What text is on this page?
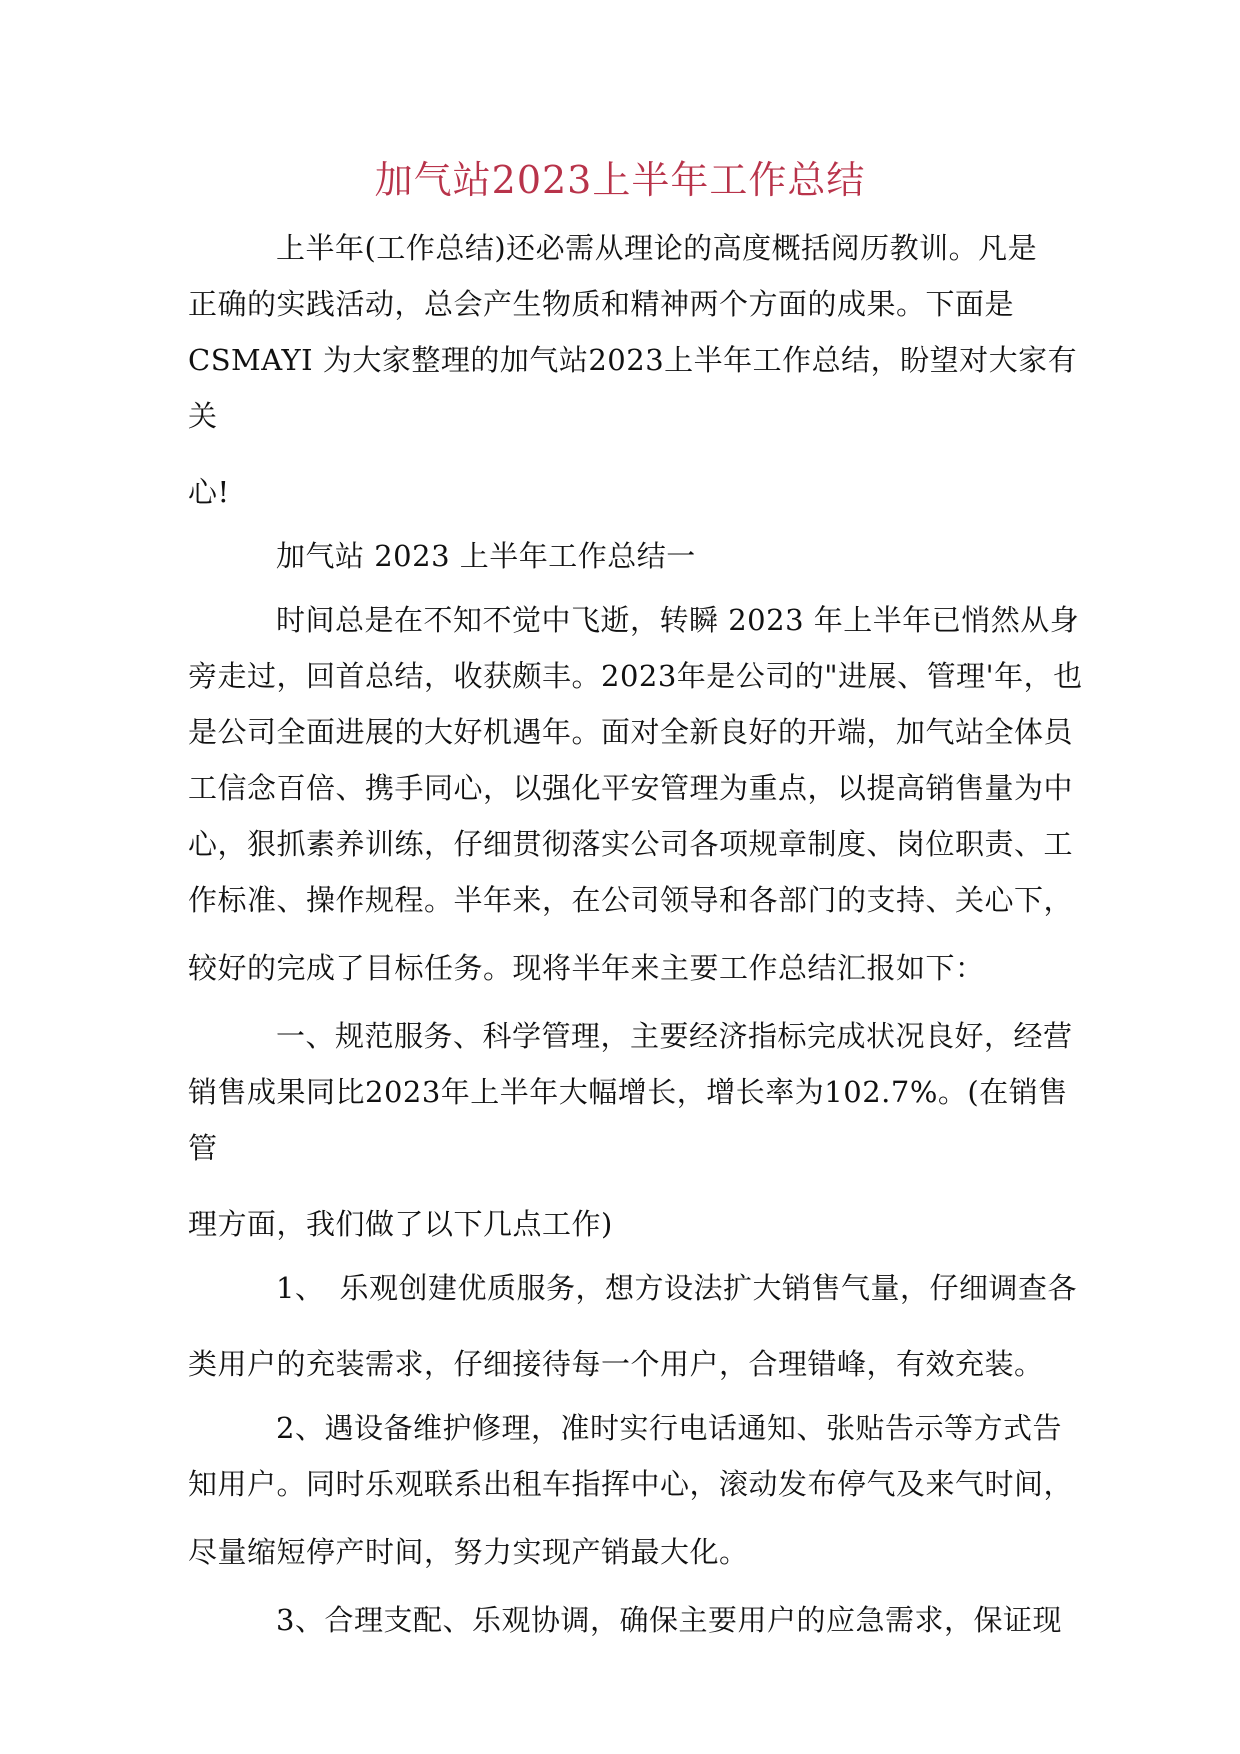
加气站2023上半年工作总结
上半年(工作总结)还必需从理论的高度概括阅历教训。凡是
正确的实践活动，总会产生物质和精神两个方面的成果。下面是
CSMAYI 为大家整理的加气站2023上半年工作总结，盼望对大家有
关
心!
加气站 2023 上半年工作总结一
时间总是在不知不觉中飞逝，转瞬 2023 年上半年已悄然从身
旁走过，回首总结，收获颇丰。2023年是公司的"进展、管理'年，也
是公司全面进展的大好机遇年。面对全新良好的开端，加气站全体员
工信念百倍、携手同心，以强化平安管理为重点，以提高销售量为中
心，狠抓素养训练，仔细贯彻落实公司各项规章制度、岗位职责、工
作标准、操作规程。半年来，在公司领导和各部门的支持、关心下，
较好的完成了目标任务。现将半年来主要工作总结汇报如下：
一、规范服务、科学管理，主要经济指标完成状况良好，经营
销售成果同比2023年上半年大幅增长，增长率为102.7%。(在销售
管
理方面，我们做了以下几点工作)
1、　乐观创建优质服务，想方设法扩大销售气量，仔细调查各
类用户的充装需求，仔细接待每一个用户，合理错峰，有效充装。
2、遇设备维护修理，准时实行电话通知、张贴告示等方式告
知用户。同时乐观联系出租车指挥中心，滚动发布停气及来气时间，
尽量缩短停产时间，努力实现产销最大化。
3、合理支配、乐观协调，确保主要用户的应急需求，保证现
